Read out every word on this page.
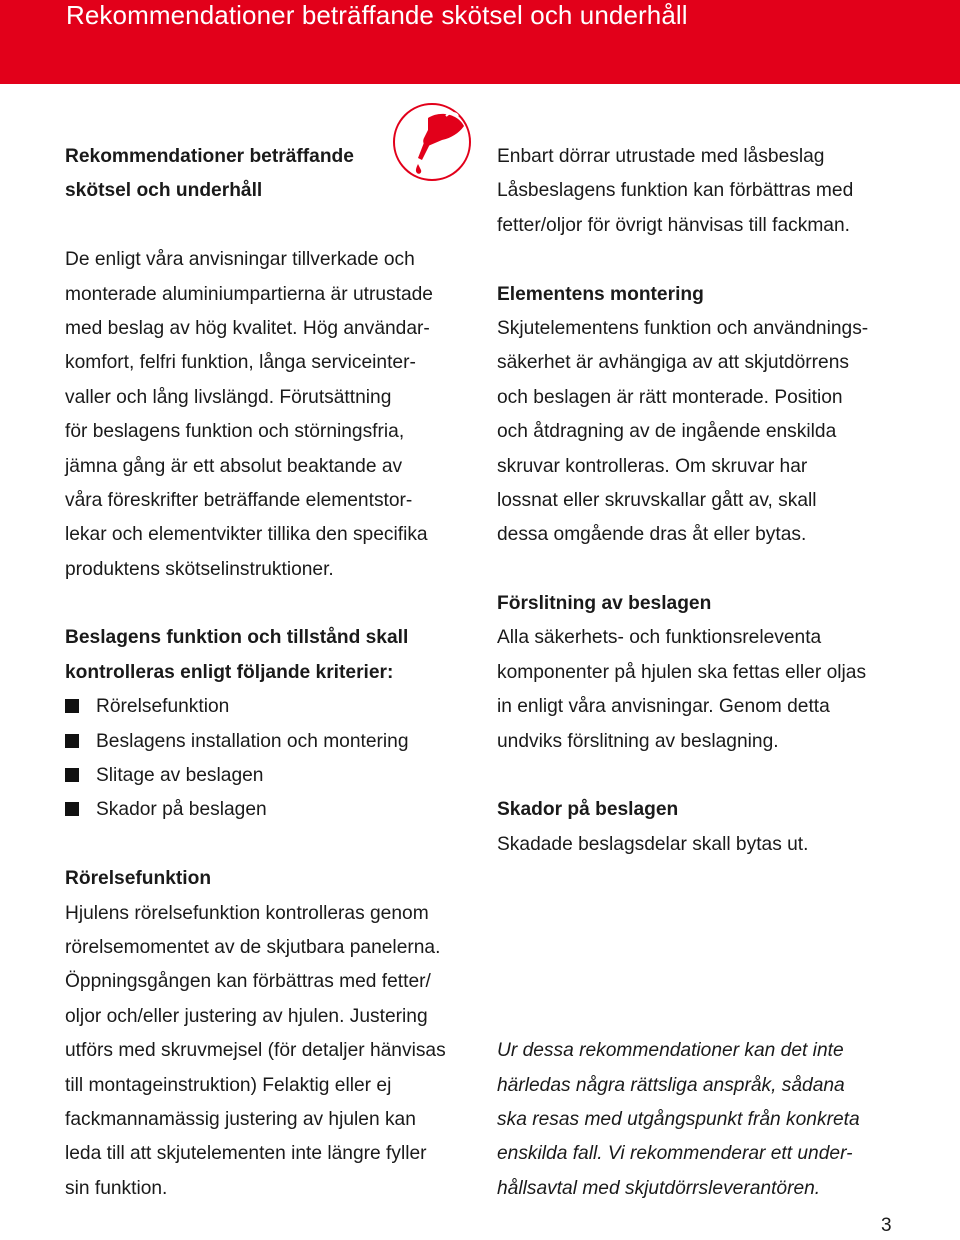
Rekommendationer beträffande skötsel och underhåll
Rekommendationer beträffande
skötsel och underhåll
De enligt våra anvisningar tillverkade och
monterade aluminiumpartierna är utrustade
med beslag av hög kvalitet. Hög användar-
komfort, felfri funktion, långa serviceinter-
valler och lång livslängd. Förutsättning
för beslagens funktion och störningsfria,
jämna gång är ett absolut beaktande av
våra föreskrifter beträffande elementstor-
lekar och elementvikter tillika den specifika
produktens skötselinstruktioner.
Beslagens funktion och tillstånd skall
kontrolleras enligt följande kriterier:
Rörelsefunktion
Beslagens installation och montering
Slitage av beslagen
Skador på beslagen
Rörelsefunktion
Hjulens rörelsefunktion kontrolleras genom
rörelsemomentet av de skjutbara panelerna.
Öppningsgången kan förbättras med fetter/
oljor och/eller justering av hjulen. Justering
utförs med skruvmejsel (för detaljer hänvisas
till montageinstruktion) Felaktig eller ej
fackmannamässig justering av hjulen kan
leda till att skjutelementen inte längre fyller
sin funktion.
Enbart dörrar utrustade med låsbeslag
Låsbeslagens funktion kan förbättras med
fetter/oljor för övrigt hänvisas till fackman.
Elementens montering
Skjutelementens funktion och användnings-
säkerhet är avhängiga av att skjutdörrens
och beslagen är rätt monterade. Position
och åtdragning av de ingående enskilda
skruvar kontrolleras. Om skruvar har
lossnat eller skruvskallar gått av, skall
dessa omgående dras åt eller bytas.
Förslitning av beslagen
Alla säkerhets- och funktionsreleventa
komponenter på hjulen ska fettas eller oljas
in enligt våra anvisningar. Genom detta
undviks förslitning av beslagning.
Skador på beslagen
Skadade beslagsdelar skall bytas ut.
Ur dessa rekommendationer kan det inte
härledas några rättsliga anspråk, sådana
ska resas med utgångspunkt från konkreta
enskilda fall. Vi rekommenderar ett under-
hållsavtal med skjutdörrsleverantören.
3
